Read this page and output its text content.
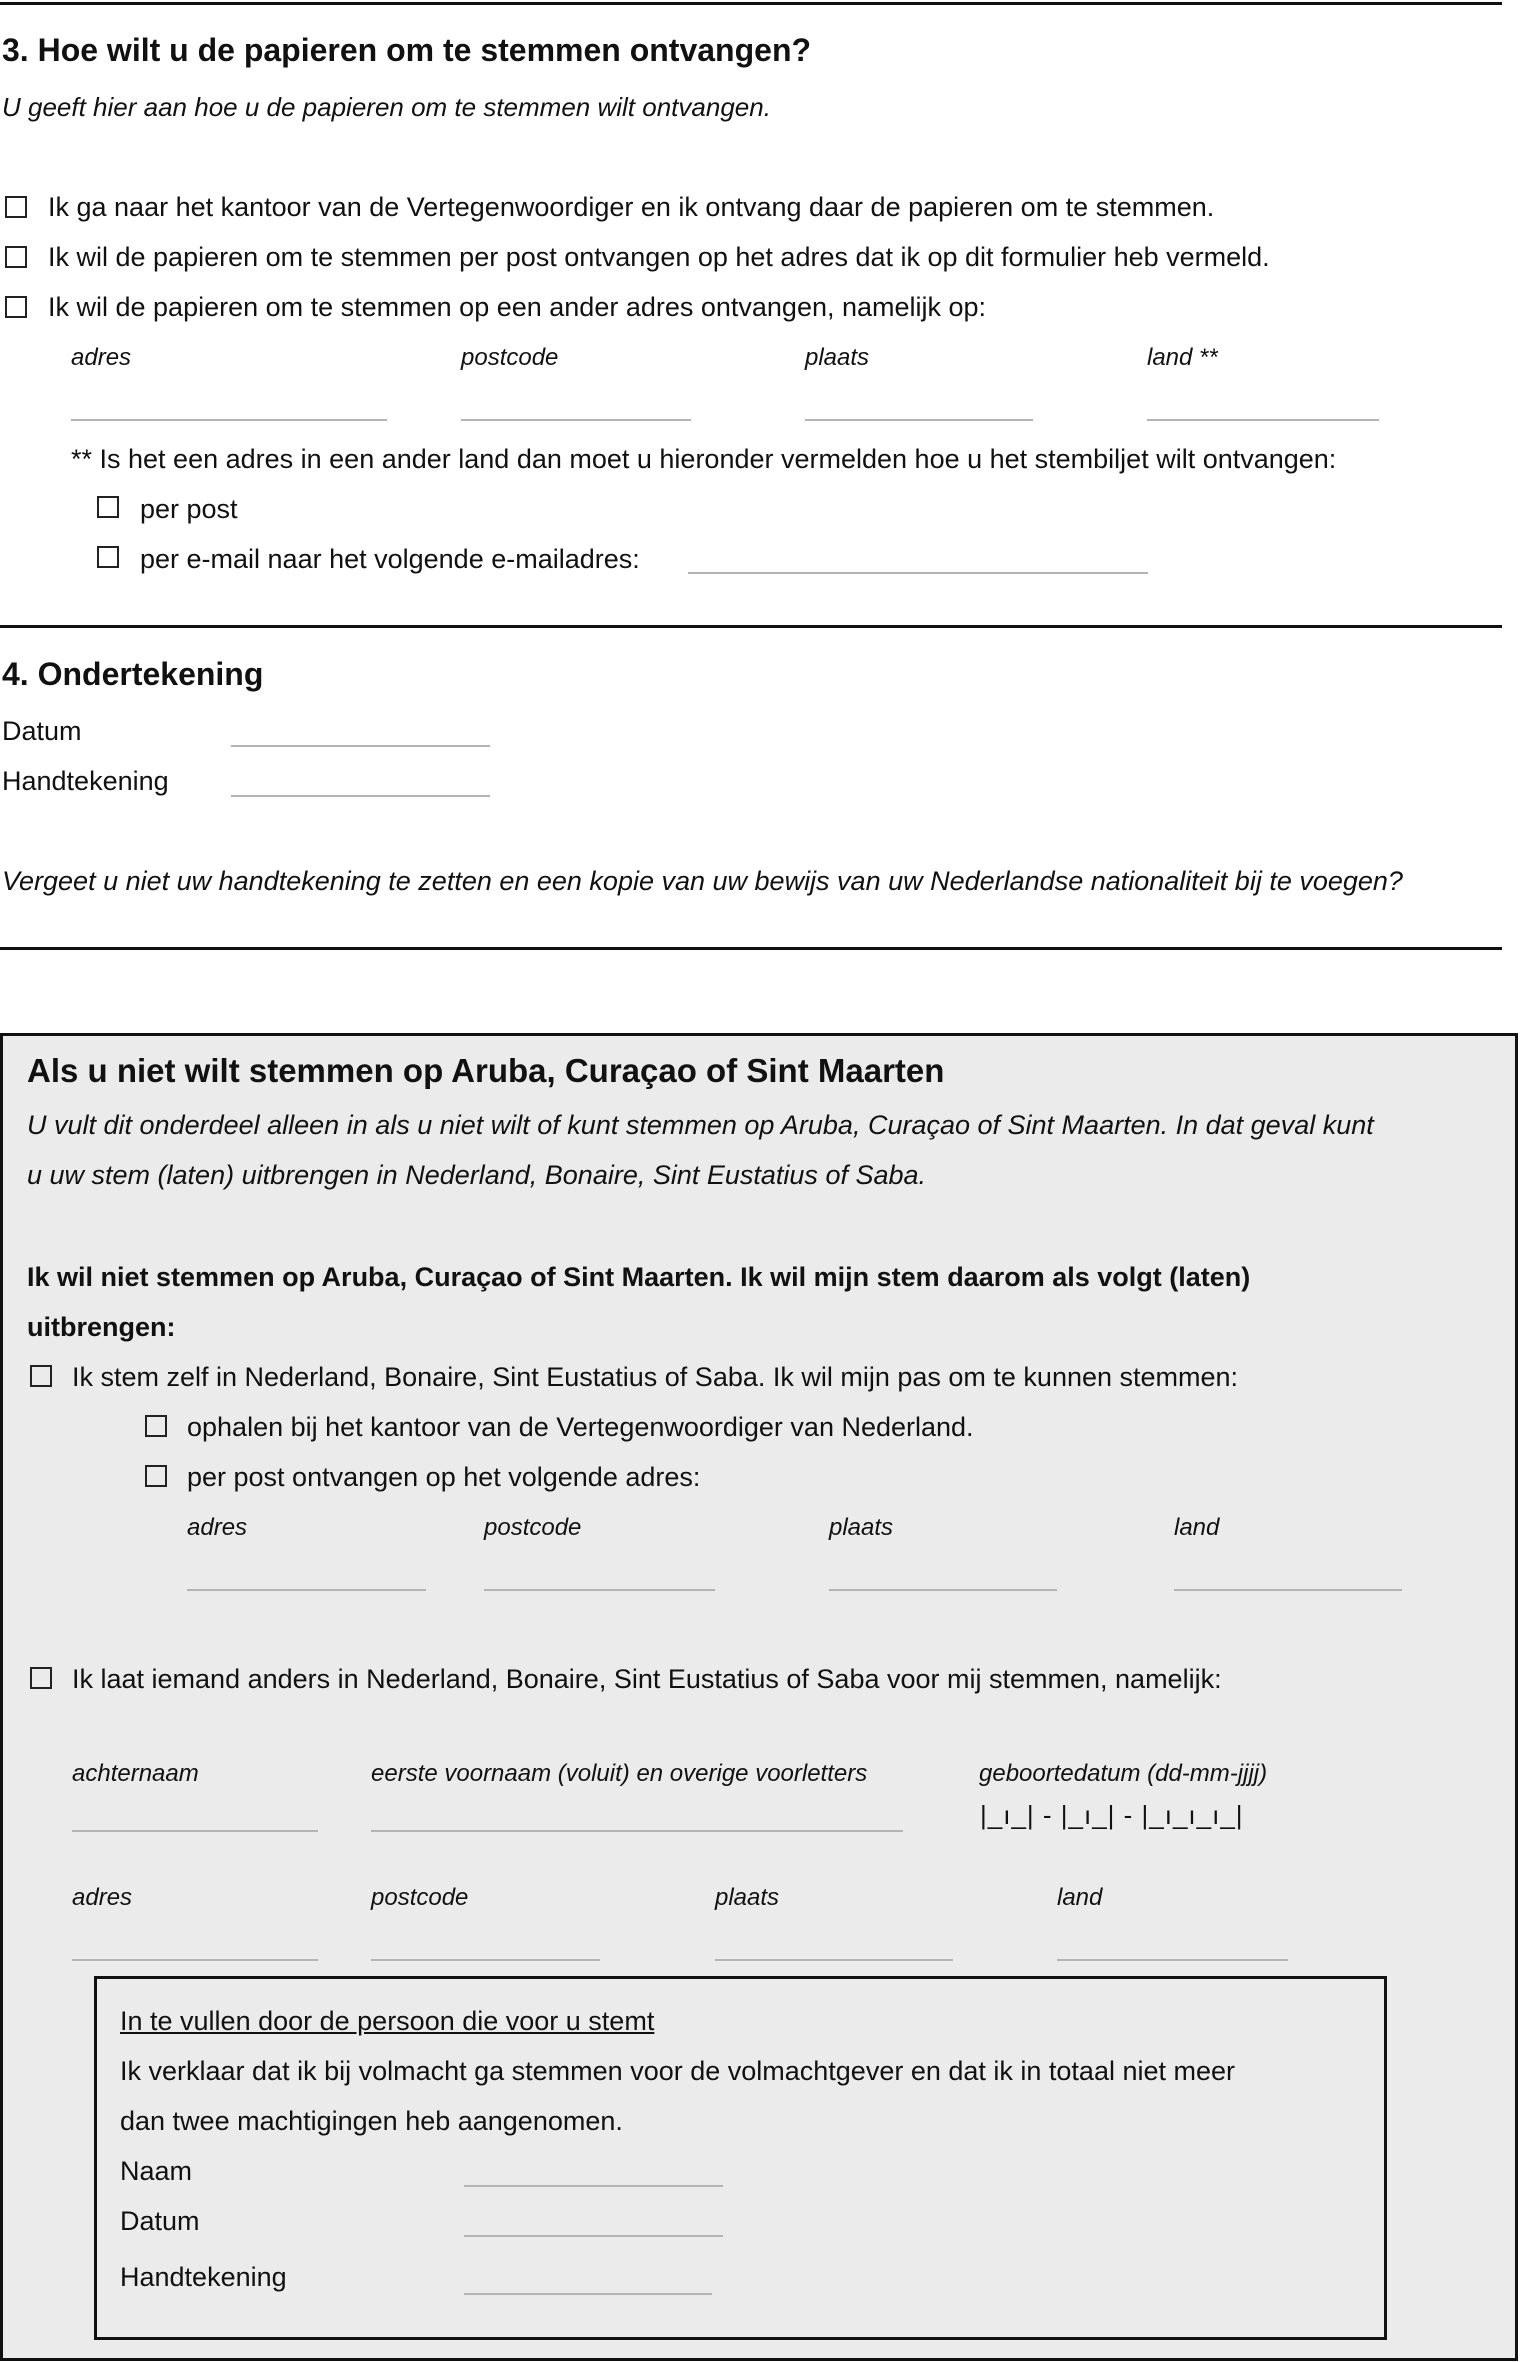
3. Hoe wilt u de papieren om te stemmen ontvangen?
U geeft hier aan hoe u de papieren om te stemmen wilt ontvangen.
Ik ga naar het kantoor van de Vertegenwoordiger en ik ontvang daar de papieren om te stemmen.
Ik wil de papieren om te stemmen per post ontvangen op het adres dat ik op dit formulier heb vermeld.
Ik wil de papieren om te stemmen op een ander adres ontvangen, namelijk op:
adres	postcode	plaats	land **
** Is het een adres in een ander land dan moet u hieronder vermelden hoe u het stembiljet wilt ontvangen:
per post
per e-mail naar het volgende e-mailadres:
4. Ondertekening
Datum
Handtekening
Vergeet u niet uw handtekening te zetten en een kopie van uw bewijs van uw Nederlandse nationaliteit bij te voegen?
Als u niet wilt stemmen op Aruba, Curaçao of Sint Maarten
U vult dit onderdeel alleen in als u niet wilt of kunt stemmen op Aruba, Curaçao of Sint Maarten. In dat geval kunt
u uw stem (laten) uitbrengen in Nederland, Bonaire, Sint Eustatius of Saba.
Ik wil niet stemmen op Aruba, Curaçao of Sint Maarten. Ik wil mijn stem daarom als volgt (laten)
uitbrengen:
Ik stem zelf in Nederland, Bonaire, Sint Eustatius of Saba. Ik wil mijn pas om te kunnen stemmen:
ophalen bij het kantoor van de Vertegenwoordiger van Nederland.
per post ontvangen op het volgende adres:
adres	postcode	plaats	land
Ik laat iemand anders in Nederland, Bonaire, Sint Eustatius of Saba voor mij stemmen, namelijk:
achternaam	eerste voornaam (voluit) en overige voorletters	geboortedatum (dd-mm-jjjj)
|_ı_| - |_ı_| - |_ı_ı_ı_|
adres	postcode	plaats	land
In te vullen door de persoon die voor u stemt
Ik verklaar dat ik bij volmacht ga stemmen voor de volmachtgever en dat ik in totaal niet meer
dan twee machtigingen heb aangenomen.
Naam
Datum
Handtekening
